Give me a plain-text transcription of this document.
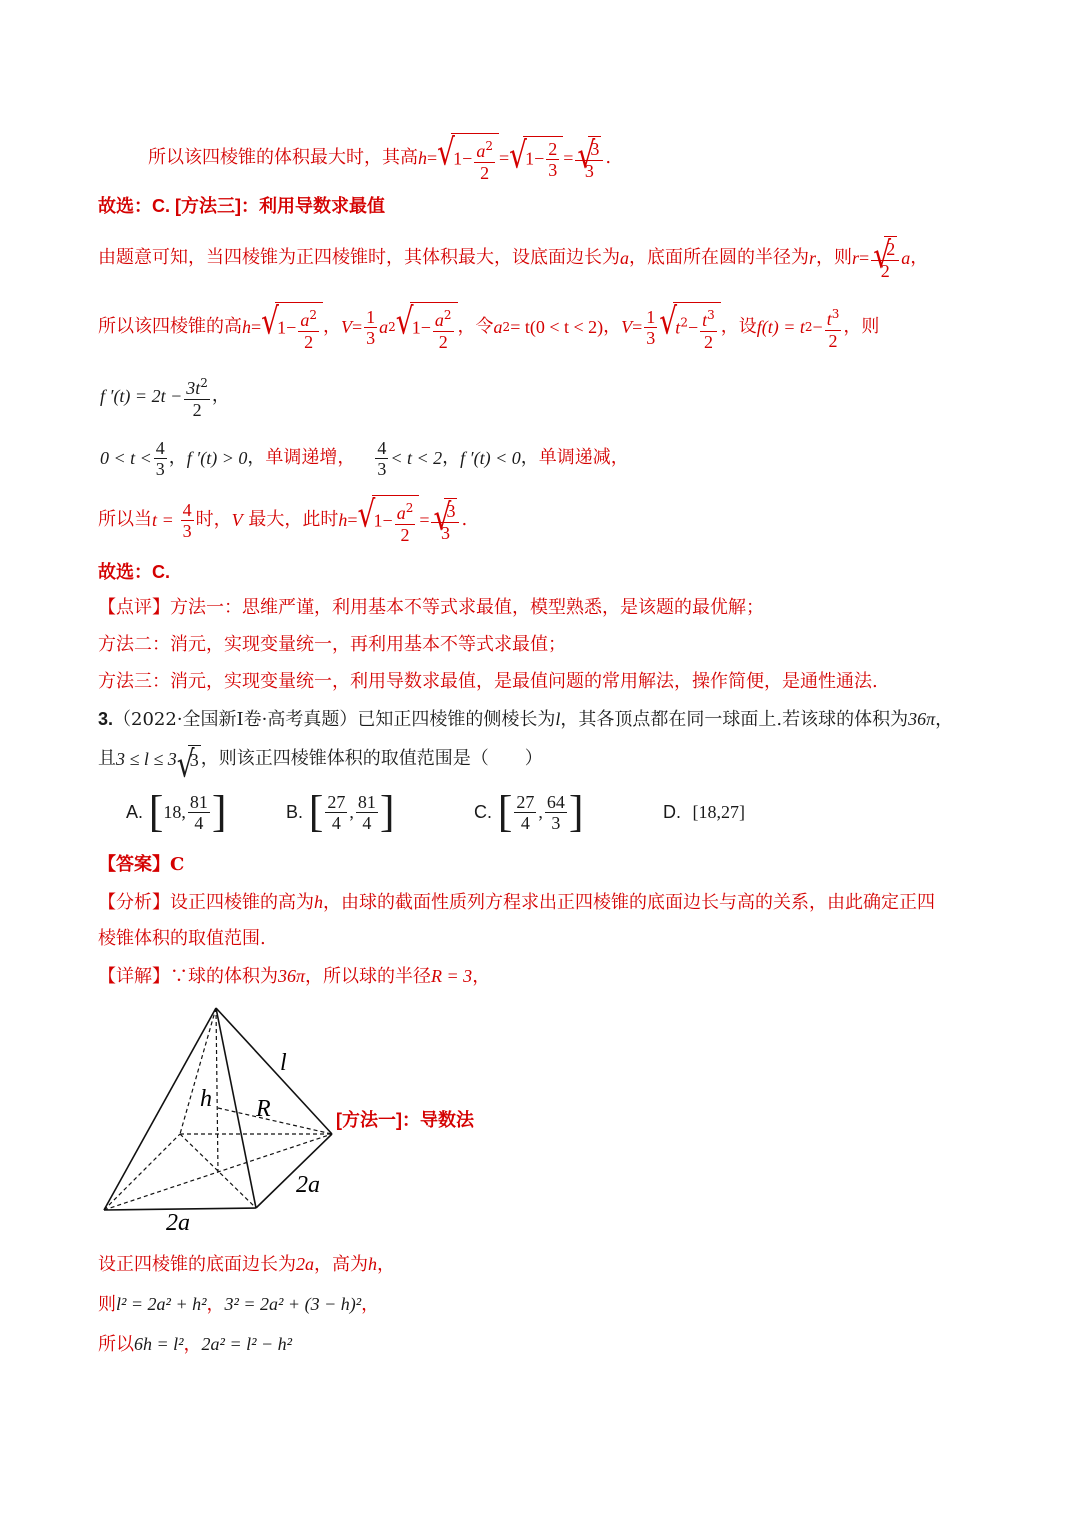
所以该四棱锥的体积最大时，其高 h = √ $1- \frac{a^2}{2}$ = √ $1- \frac{2}{3}$ = √ $\frac{3}{3}$ .
故选：C. [方法三]：利用导数求最值
由题意可知，当四棱锥为正四棱锥时，其体积最大，设底面边长为 a ，底面所在圆的半径为 r ，则 r = √ $\frac{2}{2}$ a ，
所以该四棱锥的高 h = √ $1- \frac{a^2}{2}$ ， $V = \frac{1}{3}$ a 2 √ $1- \frac{a^2}{2}$ ， 令 a 2 = t(0 < t < 2) ， $V = \frac{1}{3}$	√ $t^2- \frac{t^3}{2}$ ， 设 f(t) = t $2 - \frac{t^3}{2}$ ，则
f $'(t) = 2t - \frac{3t^2}{2}$ ，
$0 < t < \frac{4}{3}$ ， f ′(t) > 0 ， 单调递增， $\frac{4}{3} < t < 2$ ， f ′(t) < 0 ， 单调递减，
所以当 t
=
$\frac{4}{3}$ 时， V
最大，此时 h = √ $1- \frac{a^2}{2}$ = √ $\frac{3}{3}$ .
故选：C.
【点评】方法一：思维严谨，利用基本不等式求最值，模型熟悉，是该题的最优解；
方法二：消元，实现变量统一，再利用基本不等式求最值；
方法三：消元，实现变量统一，利用导数求最值，是最值问题的常用解法，操作简便，是通性通法.
3.（2022·全国新Ⅰ卷·高考真题）已知正四棱锥的侧棱长为l，其各顶点都在同一球面上.若该球的体积为36π，
且 3 ≤ l ≤ 3 √ 3 ，则该正四棱锥体积的取值范围是（　　）
A.
[ 18, $\frac{81}{4}$ ]	B.
[ $\frac{27}{4}$ , $\frac{81}{4}$ ]	C.
[ $\frac{27}{4}$ , $\frac{64}{3}$ ]	D.
[18,27]
【答案】C
【分析】设正四棱锥的高为h，由球的截面性质列方程求出正四棱锥的底面边长与高的关系，由此确定正四
棱锥体积的取值范围.
【详解】∵球的体积为36π，所以球的半径R = 3，
l
h R
2a
2a
[方法一]：导数法
设正四棱锥的底面边长为2a，高为h，
则l² = 2a² + h²，3² = 2a² + (3 − h)²，
所以6h = l²，2a² = l² − h²
